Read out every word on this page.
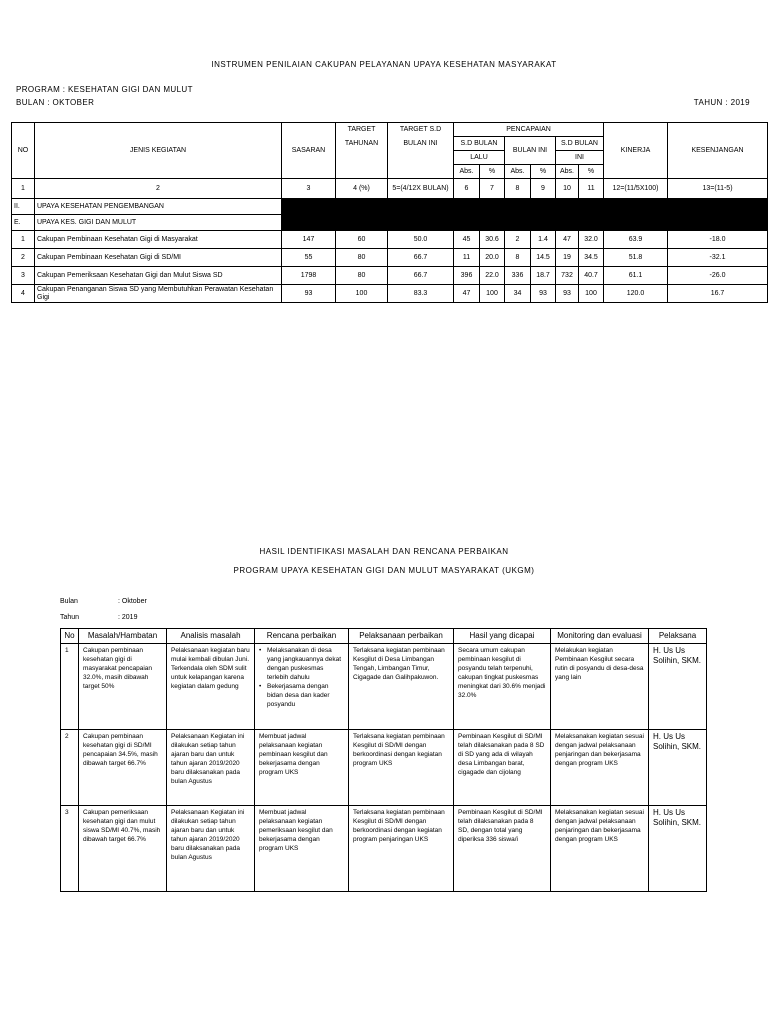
INSTRUMEN PENILAIAN CAKUPAN PELAYANAN UPAYA KESEHATAN MASYARAKAT
PROGRAM : KESEHATAN GIGI DAN MULUT
BULAN : OKTOBER	TAHUN : 2019
NO	JENIS KEGIATAN	SASARAN	TARGET	TARGET S.D	PENCAPAIAN						KINERJA	KESENJANGAN
			TAHUNAN	BULAN INI	S.D BULAN		BULAN INI		S.D BULAN			
					LALU				INI			
					Abs.	%	Abs.	%	Abs.	%		
1	2	3	4 (%)	5=(4/12X BULAN)	6	7	8	9	10	11	12=(11/5X100)	13=(11-5)
II.	UPAYA KESEHATAN PENGEMBANGAN											
E.	UPAYA KES. GIGI DAN MULUT											
1	Cakupan Pembinaan Kesehatan Gigi di Masyarakat	147	60	50.0	45	30.6	2	1.4	47	32.0	63.9	-18.0
2	Cakupan Pembinaan Kesehatan Gigi di SD/MI	55	80	66.7	11	20.0	8	14.5	19	34.5	51.8	-32.1
3	Cakupan Pemeriksaan Kesehatan Gigi dan Mulut Siswa SD	1798	80	66.7	396	22.0	336	18.7	732	40.7	61.1	-26.0
4	Cakupan Penanganan Siswa SD yang Membutuhkan Perawatan Kesehatan Gigi	93	100	83.3	47	100	34	93	93	100	120.0	16.7
HASIL IDENTIFIKASI MASALAH DAN RENCANA PERBAIKAN
PROGRAM UPAYA KESEHATAN GIGI DAN MULUT MASYARAKAT (UKGM)
Bulan	: Oktober
Tahun	: 2019
No	Masalah/Hambatan	Analisis masalah	Rencana perbaikan	Pelaksanaan perbaikan	Hasil yang dicapai	Monitoring dan evaluasi	Pelaksana
1	Cakupan pembinaan kesehatan gigi di masyarakat pencapaian 32.0%, masih dibawah target 50%	Pelaksanaan kegiatan baru mulai kembali dibulan Juni. Terkendala oleh SDM sulit untuk kelapangan karena kegiatan dalam gedung	• Melaksanakan di desa yang jangkauannya dekat dengan puskesmas terlebih dahulu
• Bekerjasama dengan bidan desa dan kader posyandu	Terlaksana kegiatan pembinaan Kesgilut di Desa Limbangan Tengah, Limbangan Timur, Cigagade dan Galihpakuwon.	Secara umum cakupan pembinaan kesgilut di posyandu telah terpenuhi, cakupan tingkat puskesmas meningkat dari 30.6% menjadi 32.0%	Melakukan kegiatan Pembinaan Kesgilut secara rutin di posyandu di desa-desa yang lain	H. Us Us Solihin, SKM.
2	Cakupan pembinaan kesehatan gigi di SD/MI pencapaian 34.5%, masih dibawah target 66.7%	Pelaksanaan Kegiatan ini dilakukan setiap tahun ajaran baru dan untuk tahun ajaran 2019/2020 baru dilaksanakan pada bulan Agustus	Membuat jadwal pelaksanaan kegiatan pembinaan kesgilut dan bekerjasama dengan program UKS	Terlaksana kegiatan pembinaan Kesgilut di SD/MI dengan berkoordinasi dengan kegiatan program UKS	Pembinaan Kesgilut di SD/MI telah dilaksanakan pada 8 SD di SD yang ada di wilayah desa Limbangan barat, cigagade dan cijolang	Melaksanakan kegiatan sesuai dengan jadwal pelaksanaan penjaringan dan bekerjasama dengan program UKS	H. Us Us Solihin, SKM.
3	Cakupan pemeriksaan kesehatan gigi dan mulut siswa SD/MI 40.7%, masih dibawah target 66.7%	Pelaksanaan Kegiatan ini dilakukan setiap tahun ajaran baru dan untuk tahun ajaran 2019/2020 baru dilaksanakan pada bulan Agustus	Membuat jadwal pelaksanaan kegiatan pemeriksaan kesgilut dan bekerjasama dengan program UKS	Terlaksana kegiatan pembinaan Kesgilut di SD/MI dengan berkoordinasi dengan kegiatan program penjaringan UKS	Pembinaan Kesgilut di SD/MI telah dilaksanakan pada 8 SD, dengan total yang diperiksa 336 siswa/i	Melaksanakan kegiatan sesuai dengan jadwal pelaksanaan penjaringan dan bekerjasama dengan program UKS	H. Us Us Solihin, SKM.
